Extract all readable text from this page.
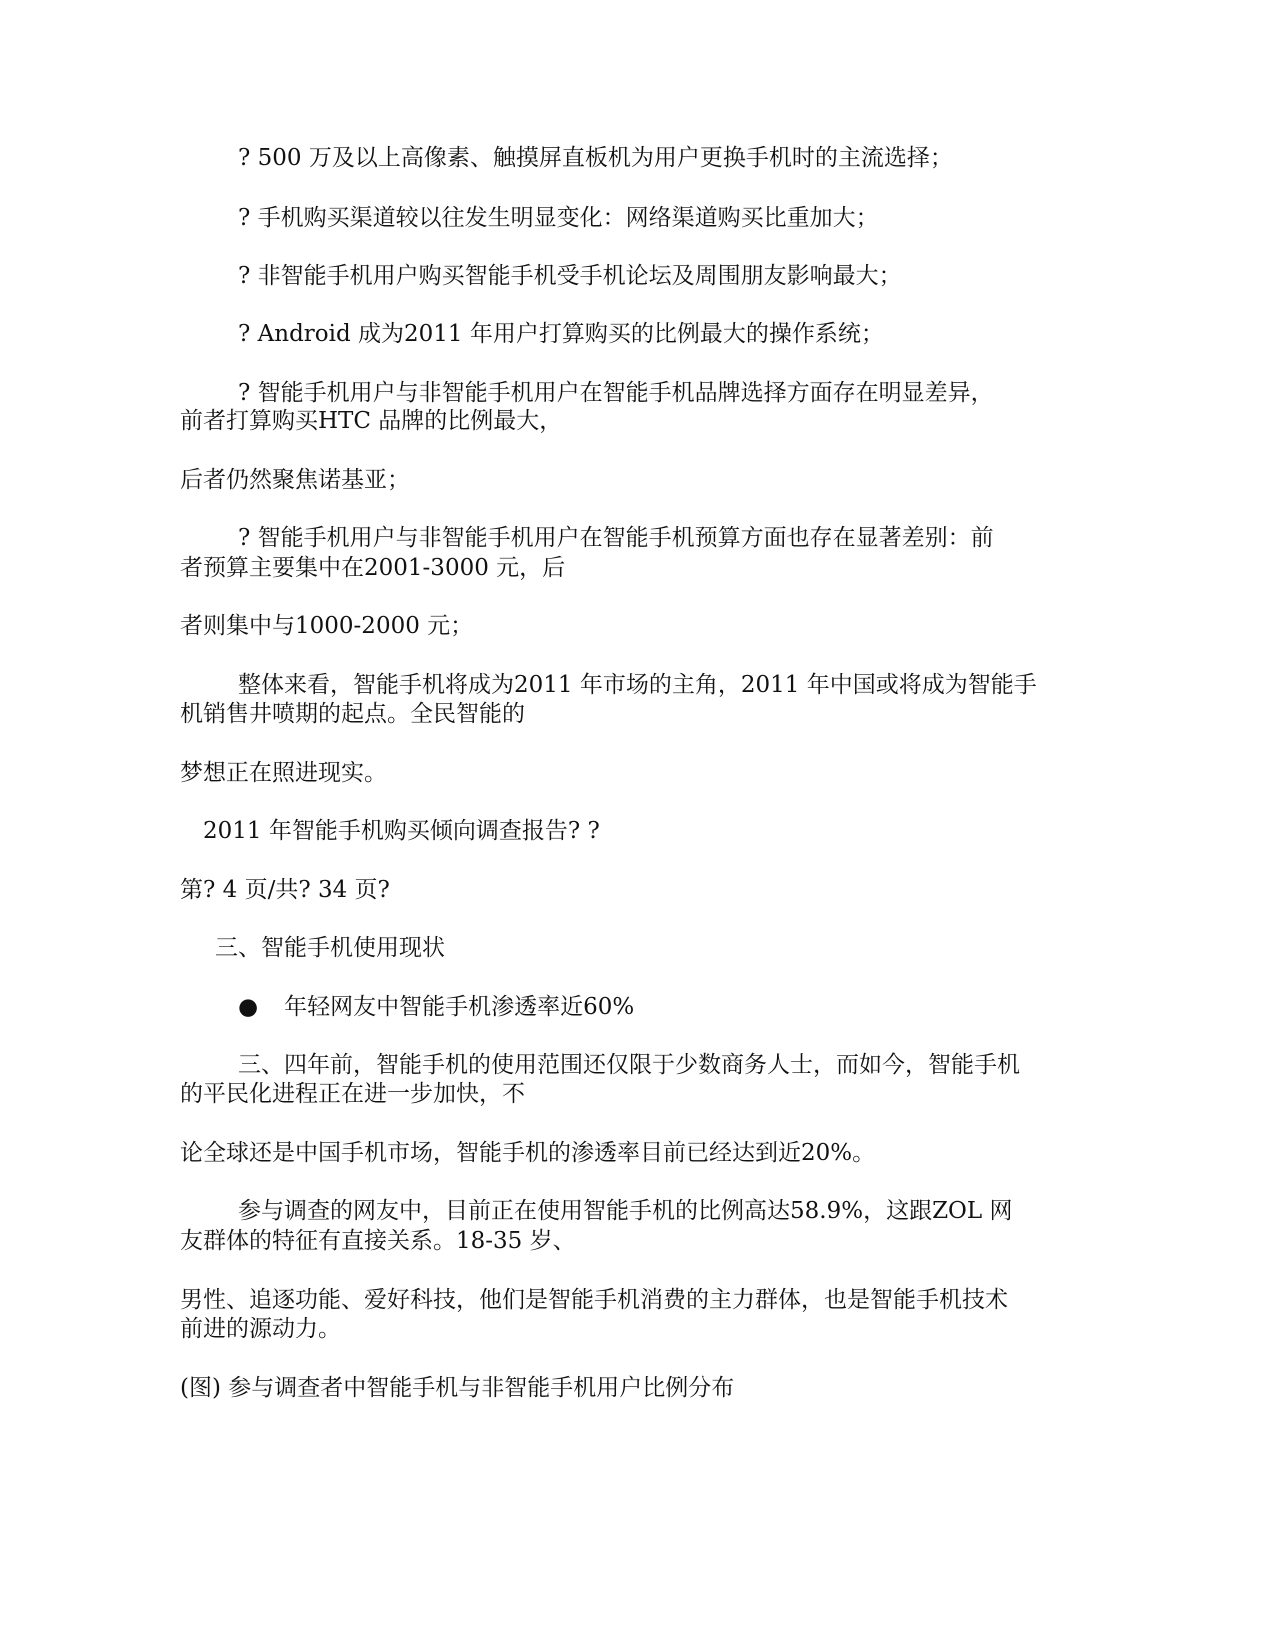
? 500 万及以上高像素、触摸屏直板机为用户更换手机时的主流选择；
? 手机购买渠道较以往发生明显变化：网络渠道购买比重加大；
? 非智能手机用户购买智能手机受手机论坛及周围朋友影响最大；
? Android 成为2011 年用户打算购买的比例最大的操作系统；
? 智能手机用户与非智能手机用户在智能手机品牌选择方面存在明显差异，
前者打算购买HTC 品牌的比例最大，
后者仍然聚焦诺基亚；
? 智能手机用户与非智能手机用户在智能手机预算方面也存在显著差别：前
者预算主要集中在2001-3000 元，后
者则集中与1000-2000 元；
整体来看，智能手机将成为2011 年市场的主角，2011 年中国或将成为智能手
机销售井喷期的起点。全民智能的
梦想正在照进现实。
2011 年智能手机购买倾向调查报告? ?
第? 4 页/共? 34 页?
三、智能手机使用现状
● 年轻网友中智能手机渗透率近60%
三、四年前，智能手机的使用范围还仅限于少数商务人士，而如今，智能手机
的平民化进程正在进一步加快，不
论全球还是中国手机市场，智能手机的渗透率目前已经达到近20%。
参与调查的网友中，目前正在使用智能手机的比例高达58.9%，这跟ZOL 网
友群体的特征有直接关系。18-35 岁、
男性、追逐功能、爱好科技，他们是智能手机消费的主力群体，也是智能手机技术
前进的源动力。
(图) 参与调查者中智能手机与非智能手机用户比例分布
